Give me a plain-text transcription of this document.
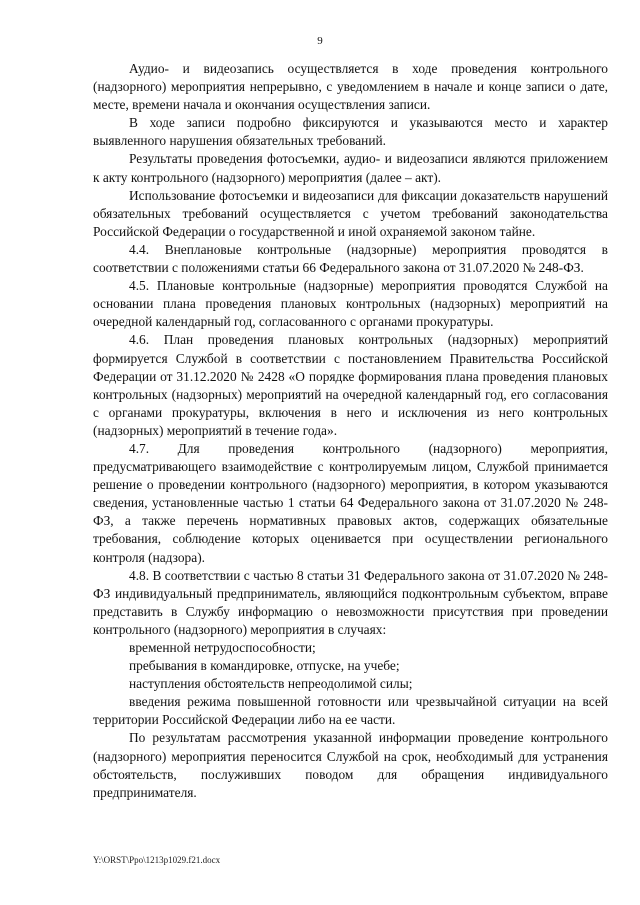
9

Аудио- и видеозапись осуществляется в ходе проведения контрольного (надзорного) мероприятия непрерывно, с уведомлением в начале и конце записи о дате, месте, времени начала и окончания осуществления записи.

В ходе записи подробно фиксируются и указываются место и характер выявленного нарушения обязательных требований.

Результаты проведения фотосъемки, аудио- и видеозаписи являются приложением к акту контрольного (надзорного) мероприятия (далее – акт).

Использование фотосъемки и видеозаписи для фиксации доказательств нарушений обязательных требований осуществляется с учетом требований законодательства Российской Федерации о государственной и иной охраняемой законом тайне.

4.4. Внеплановые контрольные (надзорные) мероприятия проводятся в соответствии с положениями статьи 66 Федерального закона от 31.07.2020 № 248-ФЗ.

4.5. Плановые контрольные (надзорные) мероприятия проводятся Службой на основании плана проведения плановых контрольных (надзорных) мероприятий на очередной календарный год, согласованного с органами прокуратуры.

4.6. План проведения плановых контрольных (надзорных) мероприятий формируется Службой в соответствии с постановлением Правительства Российской Федерации от 31.12.2020 № 2428 «О порядке формирования плана проведения плановых контрольных (надзорных) мероприятий на очередной календарный год, его согласования с органами прокуратуры, включения в него и исключения из него контрольных (надзорных) мероприятий в течение года».

4.7. Для проведения контрольного (надзорного) мероприятия, предусматривающего взаимодействие с контролируемым лицом, Службой принимается решение о проведении контрольного (надзорного) мероприятия, в котором указываются сведения, установленные частью 1 статьи 64 Федерального закона от 31.07.2020 № 248-ФЗ, а также перечень нормативных правовых актов, содержащих обязательные требования, соблюдение которых оценивается при осуществлении регионального контроля (надзора).

4.8. В соответствии с частью 8 статьи 31 Федерального закона от 31.07.2020 № 248-ФЗ индивидуальный предприниматель, являющийся подконтрольным субъектом, вправе представить в Службу информацию о невозможности присутствия при проведении контрольного (надзорного) мероприятия в случаях:

временной нетрудоспособности;

пребывания в командировке, отпуске, на учебе;

наступления обстоятельств непреодолимой силы;

введения режима повышенной готовности или чрезвычайной ситуации на всей территории Российской Федерации либо на ее части.

По результатам рассмотрения указанной информации проведение контрольного (надзорного) мероприятия переносится Службой на срок, необходимый для устранения обстоятельств, послуживших поводом для обращения индивидуального предпринимателя.

Y:\ORST\Ppo\1213p1029.f21.docx
